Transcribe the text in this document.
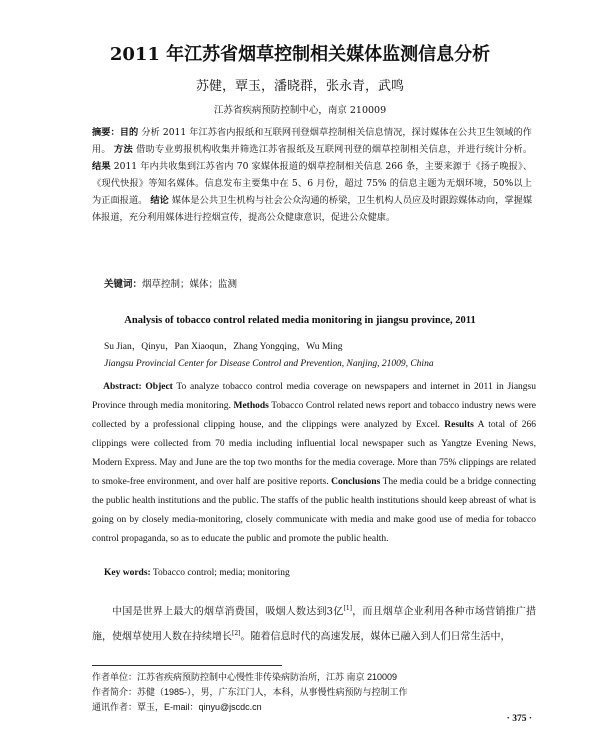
2011 年江苏省烟草控制相关媒体监测信息分析
苏健，覃玉，潘晓群，张永青，武鸣
江苏省疾病预防控制中心，南京 210009
摘要：目的 分析 2011 年江苏省内报纸和互联网刊登烟草控制相关信息情况，探讨媒体在公共卫生领域的作用。 方法 借助专业剪报机构收集并筛选江苏省报纸及互联网刊登的烟草控制相关信息，并进行统计分析。 结果 2011 年内共收集到江苏省内 70 家媒体报道的烟草控制相关信息 266 条，主要来源于《扬子晚报》、《现代快报》等知名媒体。信息发布主要集中在 5、6 月份，超过 75% 的信息主题为无烟环境，50%以上为正面报道。 结论 媒体是公共卫生机构与社会公众沟通的桥梁，卫生机构人员应及时跟踪媒体动向，掌握媒体报道，充分利用媒体进行控烟宣传，提高公众健康意识，促进公众健康。
关键词：烟草控制；媒体；监测
Analysis of tobacco control related media monitoring in jiangsu province, 2011
Su Jian，Qinyu，Pan Xiaoqun，Zhang Yongqing，Wu Ming
Jiangsu Provincial Center for Disease Control and Prevention, Nanjing, 21009, China
Abstract: Object To analyze tobacco control media coverage on newspapers and internet in 2011 in Jiangsu Province through media monitoring. Methods Tobacco Control related news report and tobacco industry news were collected by a professional clipping house, and the clippings were analyzed by Excel. Results A total of 266 clippings were collected from 70 media including influential local newspaper such as Yangtze Evening News, Modern Express. May and June are the top two months for the media coverage. More than 75% clippings are related to smoke-free environment, and over half are positive reports. Conclusions The media could be a bridge connecting the public health institutions and the public. The staffs of the public health institutions should keep abreast of what is going on by closely media-monitoring, closely communicate with media and make good use of media for tobacco control propaganda, so as to educate the public and promote the public health.
Key words: Tobacco control; media; monitoring
中国是世界上最大的烟草消费国，吸烟人数达到3亿[1]，而且烟草企业利用各种市场营销推广措施，使烟草使用人数在持续增长[2]。随着信息时代的高速发展，媒体已融入到人们日常生活中，
作者单位：江苏省疾病预防控制中心慢性非传染病防治所，江苏 南京 210009
作者简介：苏健（1985-），男，广东江门人，本科，从事慢性病预防与控制工作
通讯作者：覃玉，E-mail：qinyu@jscdc.cn
· 375 ·
